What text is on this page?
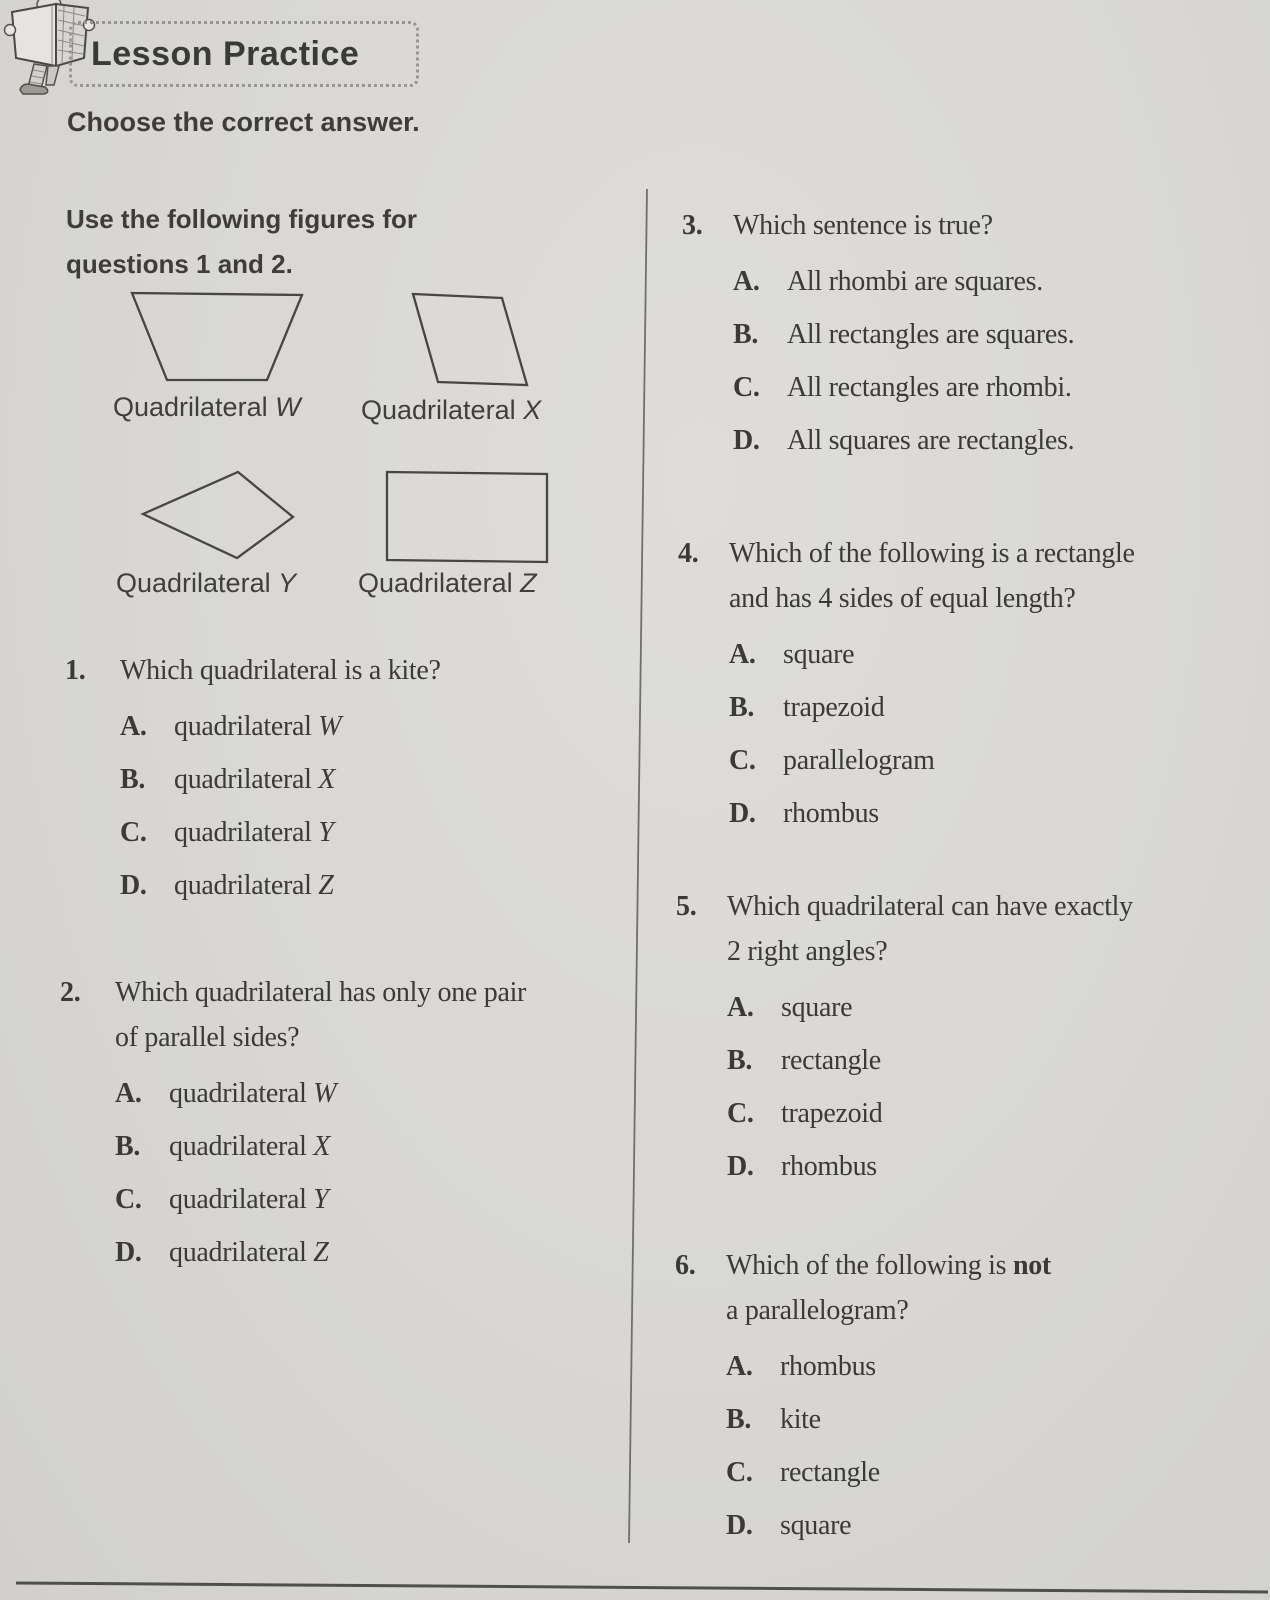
Lesson Practice
Choose the correct answer.
Use the following figures for
questions 1 and 2.
Quadrilateral W Quadrilateral X
Quadrilateral Y Quadrilateral Z
1.	Which quadrilateral is a kite?
A. quadrilateral W
B.	quadrilateral X
C. quadrilateral Y
D. quadrilateral Z
2.	Which quadrilateral has only one pair
of parallel sides?
A. quadrilateral W
B.	quadrilateral X
C. quadrilateral Y
D. quadrilateral Z
3.	Which sentence is true?
A. All rhombi are squares.
B.	All rectangles are squares.
C. All rectangles are rhombi.
D. All squares are rectangles.
4.	Which of the following is a rectangle
and has 4 sides of equal length?
A. square
B.	trapezoid
C. parallelogram
D. rhombus
5.	Which quadrilateral can have exactly
2 right angles?
A. square
B.	rectangle
C. trapezoid
D. rhombus
6.	Which of the following is not
a parallelogram?
A. rhombus
B.	kite
C. rectangle
D. square
